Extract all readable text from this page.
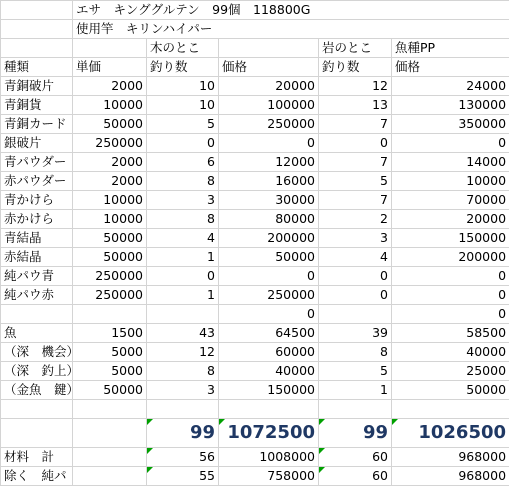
	エサ　キンググルテン　99個　118800G				
	使用竿　キリンハイパー				
		木のとこ		岩のとこ	魚種PP
種類	単価	釣り数	価格	釣り数	価格
青銅破片	2000	10	20000	12	24000
青銅貨	10000	10	100000	13	130000
青銅カード	50000	5	250000	7	350000
銀破片	250000	0	0	0	0
青パウダー	2000	6	12000	7	14000
赤パウダー	2000	8	16000	5	10000
青かけら	10000	3	30000	7	70000
赤かけら	10000	8	80000	2	20000
青結晶	50000	4	200000	3	150000
赤結晶	50000	1	50000	4	200000
純パウ青	250000	0	0	0	0
純パウ赤	250000	1	250000	0	0
			0		0
魚	1500	43	64500	39	58500
（深　機会）	5000	12	60000	8	40000
（深　釣上）	5000	8	40000	5	25000
（金魚　鍵）	50000	3	150000	1	50000

		99	1072500	99	1026500
材料　計		56	1008000	60	968000
除く　純パ		55	758000	60	968000
